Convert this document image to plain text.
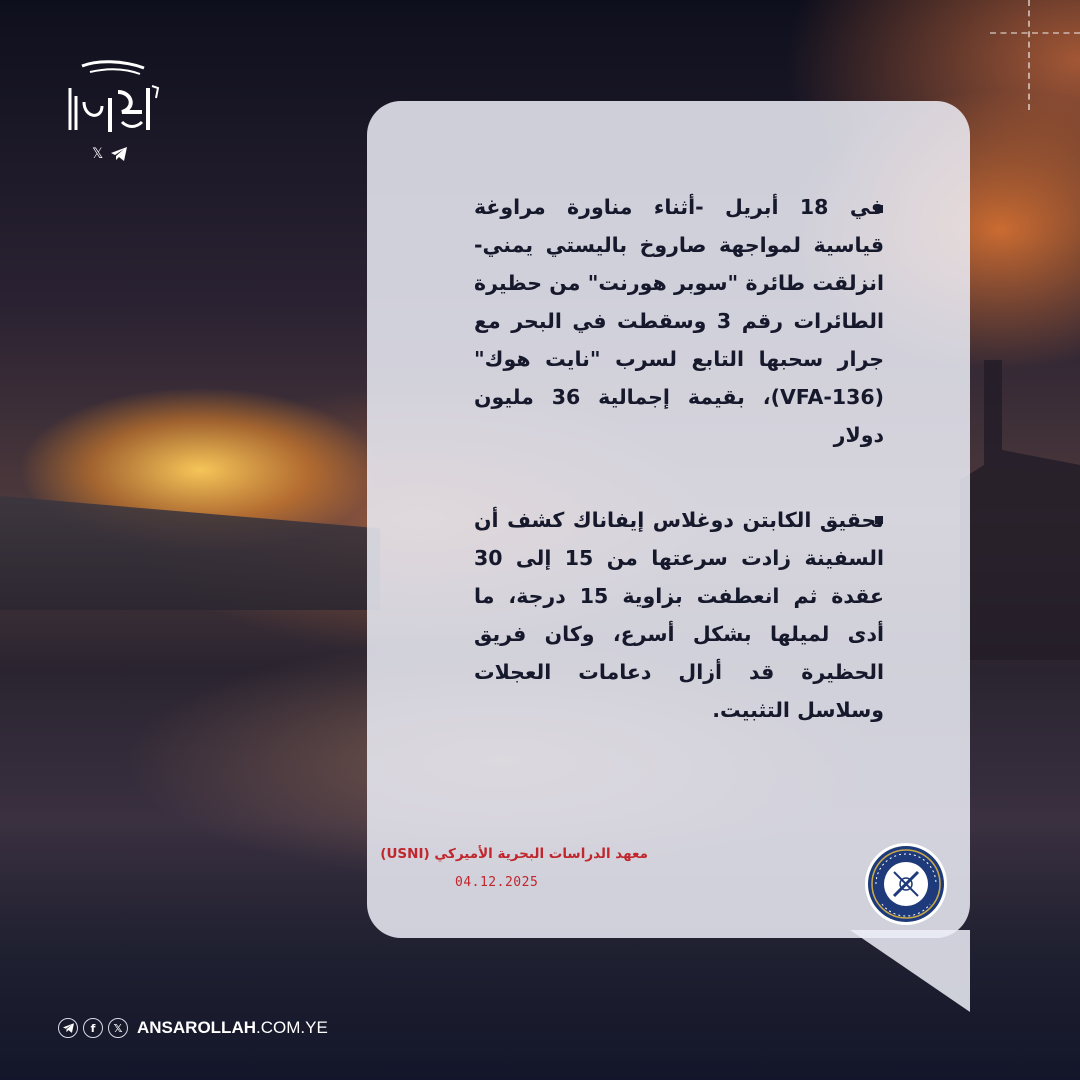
𝕏

في 18 أبريل -أثناء مناورة مراوغة قياسية لمواجهة صاروخ باليستي يمني- انزلقت طائرة "سوبر هورنت" من حظيرة الطائرات رقم 3 وسقطت في البحر مع جرار سحبها التابع لسرب "نايت هوك" (VFA-136)، بقيمة إجمالية 36 مليون دولار

تحقيق الكابتن دوغلاس إيفاناك كشف أن السفينة زادت سرعتها من 15 إلى 30 عقدة ثم انعطفت بزاوية 15 درجة، ما أدى لميلها بشكل أسرع، وكان فريق الحظيرة قد أزال دعامات العجلات وسلاسل التثبيت.

معهد الدراسات البحرية الأميركي (USNI)
04.12.2025
f	𝕏 ANSAROLLAH.COM.YE
